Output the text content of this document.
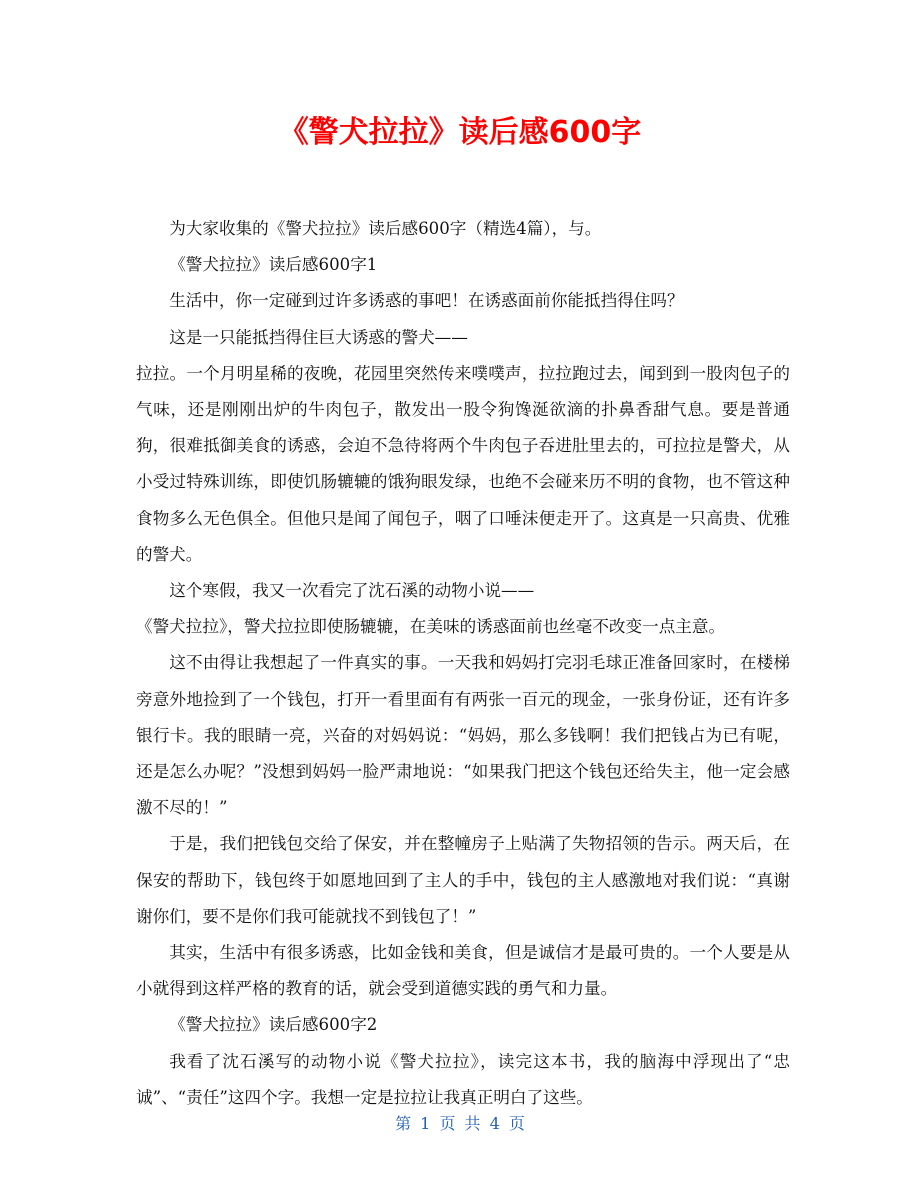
《警犬拉拉》读后感600字

为大家收集的《警犬拉拉》读后感600字（精选4篇），与。

《警犬拉拉》读后感600字1

生活中，你一定碰到过许多诱惑的事吧！在诱惑面前你能抵挡得住吗？

这是一只能抵挡得住巨大诱惑的警犬——

拉拉。一个月明星稀的夜晚，花园里突然传来噗噗声，拉拉跑过去，闻到到一股肉包子的气味，还是刚刚出炉的牛肉包子，散发出一股令狗馋涎欲滴的扑鼻香甜气息。要是普通狗，很难抵御美食的诱惑，会迫不急待将两个牛肉包子吞进肚里去的，可拉拉是警犬，从小受过特殊训练，即使饥肠辘辘的饿狗眼发绿，也绝不会碰来历不明的食物，也不管这种食物多么无色俱全。但他只是闻了闻包子，咽了口唾沫便走开了。这真是一只高贵、优雅的警犬。

这个寒假，我又一次看完了沈石溪的动物小说——

《警犬拉拉》，警犬拉拉即使肠辘辘，在美味的诱惑面前也丝毫不改变一点主意。

这不由得让我想起了一件真实的事。一天我和妈妈打完羽毛球正准备回家时，在楼梯旁意外地捡到了一个钱包，打开一看里面有有两张一百元的现金，一张身份证，还有许多银行卡。我的眼睛一亮，兴奋的对妈妈说：“妈妈，那么多钱啊！我们把钱占为已有呢，还是怎么办呢？”没想到妈妈一脸严肃地说：“如果我门把这个钱包还给失主，他一定会感激不尽的！”

于是，我们把钱包交给了保安，并在整幢房子上贴满了失物招领的告示。两天后，在保安的帮助下，钱包终于如愿地回到了主人的手中，钱包的主人感激地对我们说：“真谢谢你们，要不是你们我可能就找不到钱包了！”

其实，生活中有很多诱惑，比如金钱和美食，但是诚信才是最可贵的。一个人要是从小就得到这样严格的教育的话，就会受到道德实践的勇气和力量。

《警犬拉拉》读后感600字2

我看了沈石溪写的动物小说《警犬拉拉》，读完这本书，我的脑海中浮现出了“忠诚”、“责任”这四个字。我想一定是拉拉让我真正明白了这些。

第 1 页 共 4 页
